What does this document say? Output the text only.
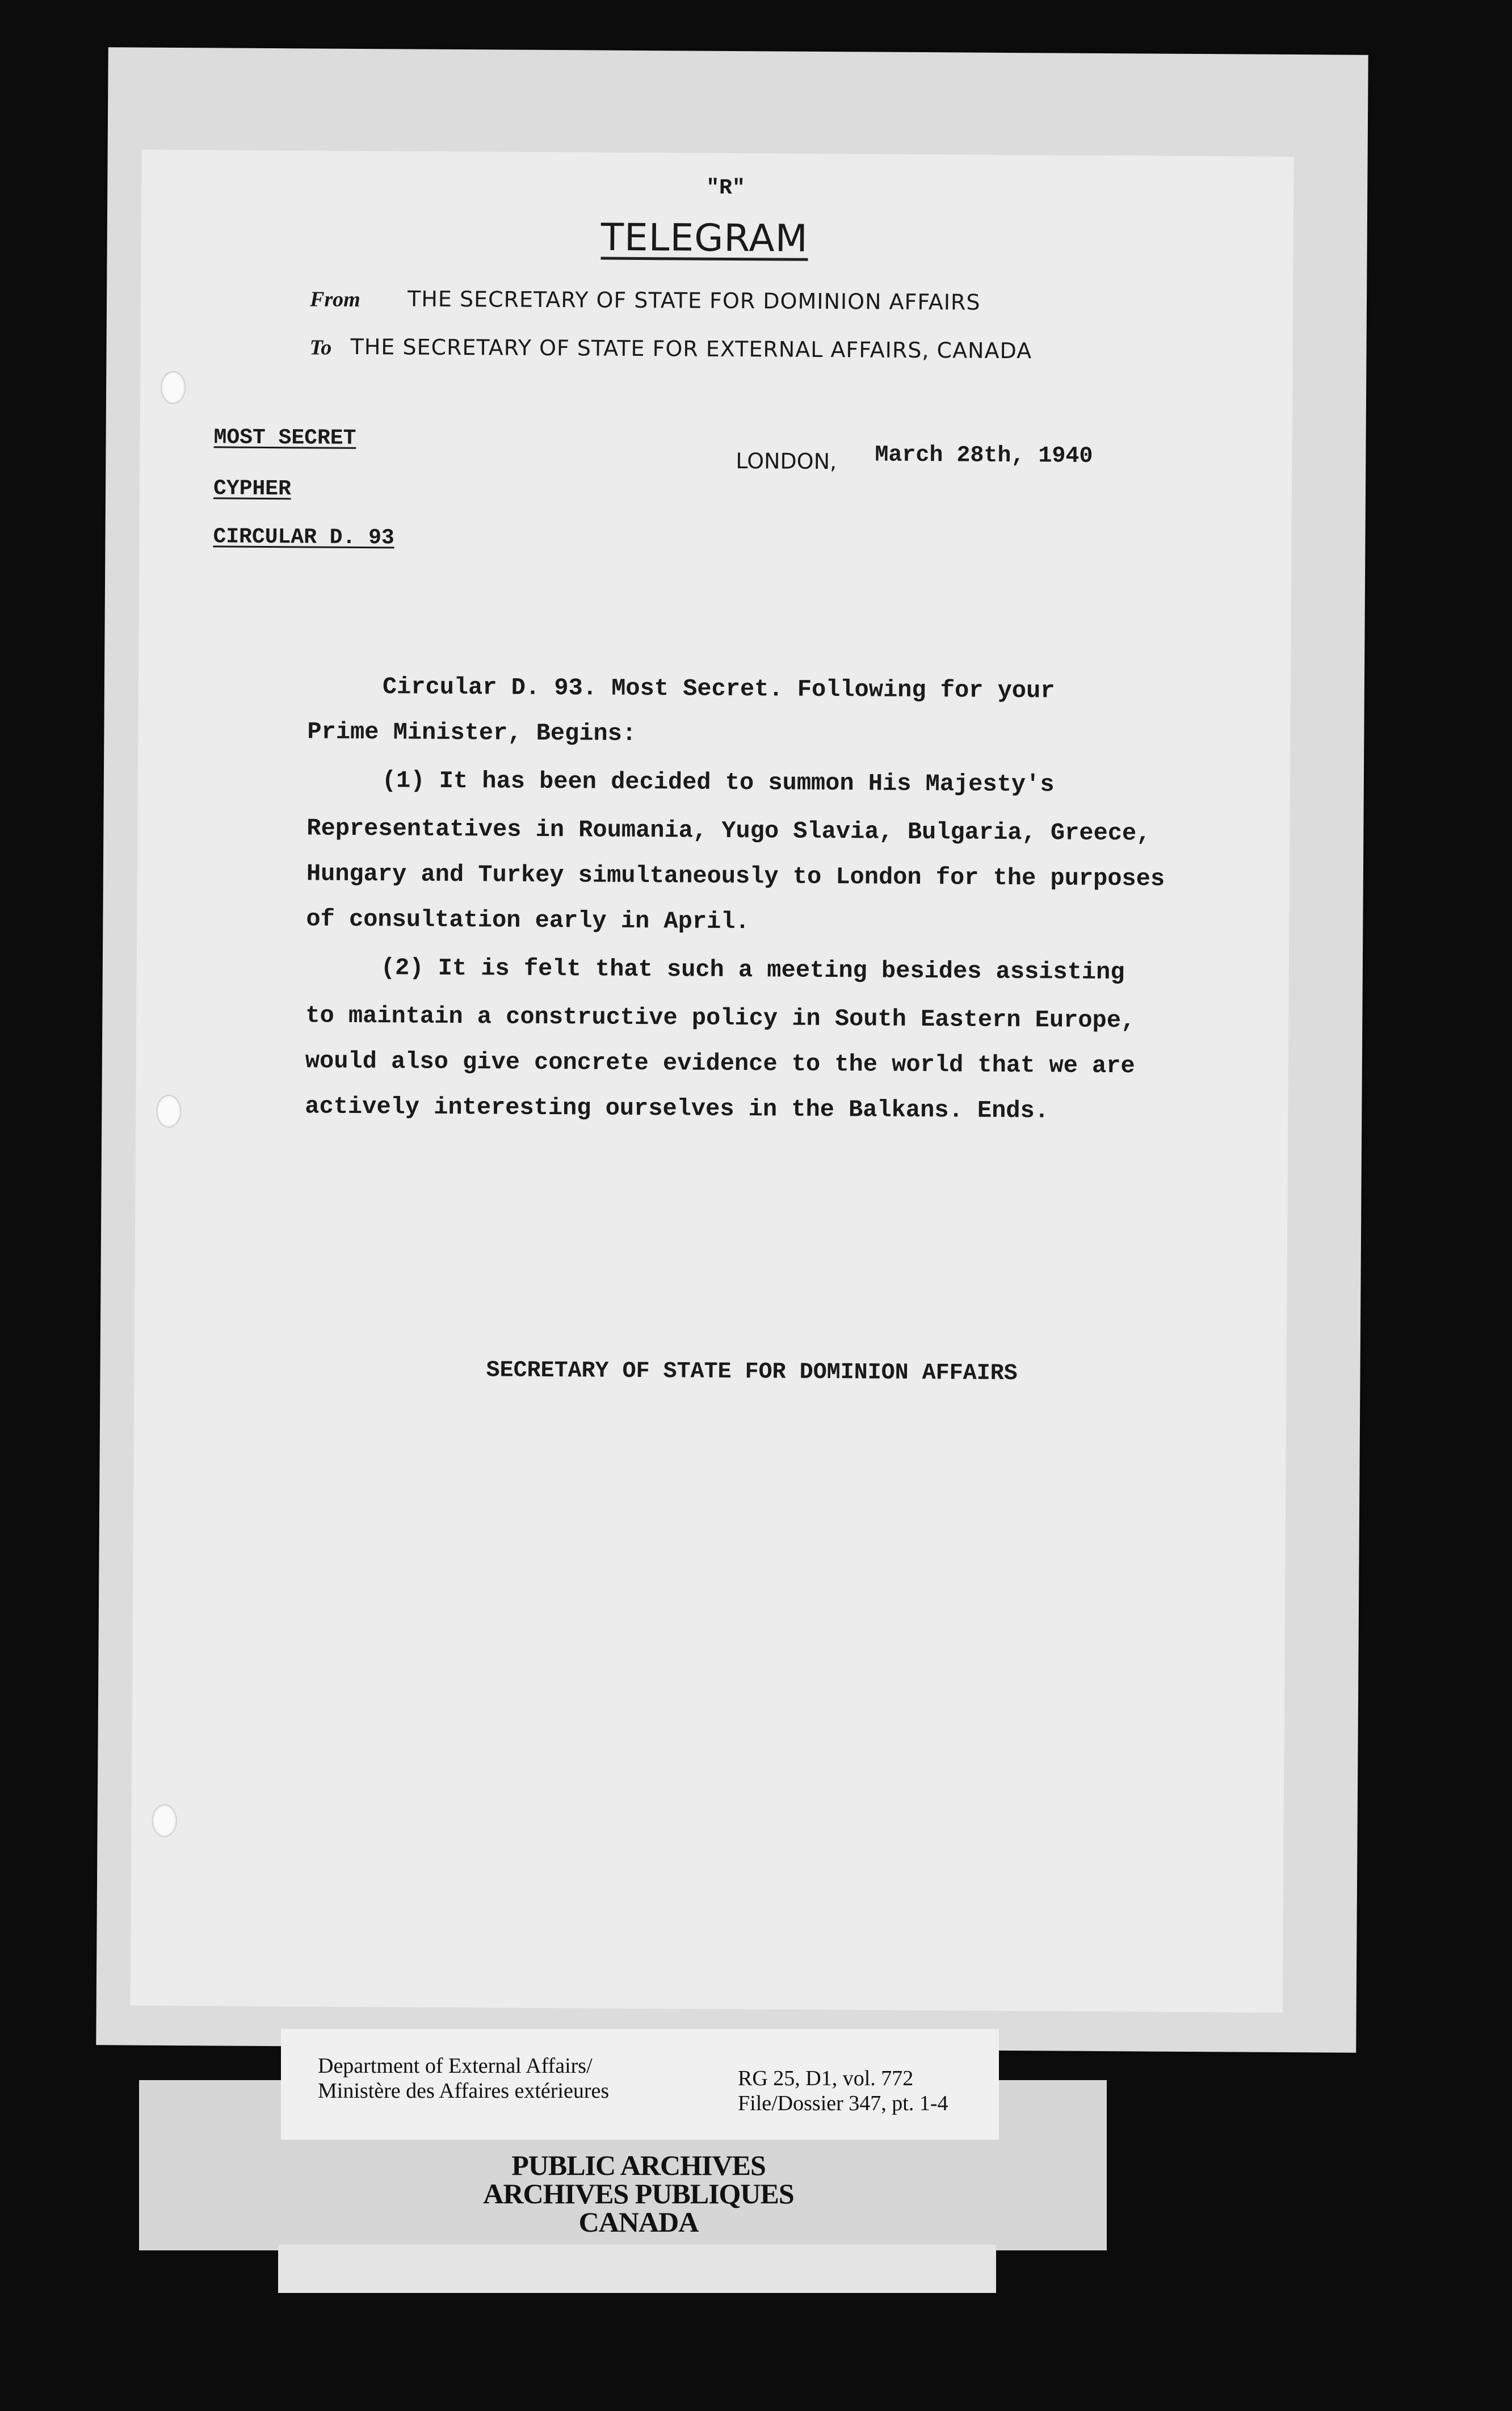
"R"
TELEGRAM
From THE SECRETARY OF STATE FOR DOMINION AFFAIRS
To THE SECRETARY OF STATE FOR EXTERNAL AFFAIRS, CANADA
MOST SECRET
CYPHER
CIRCULAR D. 93
LONDON, March 28th, 1940
Circular D. 93. Most Secret. Following for your
Prime Minister, Begins:
(1) It has been decided to summon His Majesty's
Representatives in Roumania, Yugo Slavia, Bulgaria, Greece,
Hungary and Turkey simultaneously to London for the purposes
of consultation early in April.
(2) It is felt that such a meeting besides assisting
to maintain a constructive policy in South Eastern Europe,
would also give concrete evidence to the world that we are
actively interesting ourselves in the Balkans. Ends.
SECRETARY OF STATE FOR DOMINION AFFAIRS
Department of External Affairs/
Ministère des Affaires extérieures
RG 25, D1, vol. 772
File/Dossier 347, pt. 1-4
PUBLIC ARCHIVES
ARCHIVES PUBLIQUES
CANADA
